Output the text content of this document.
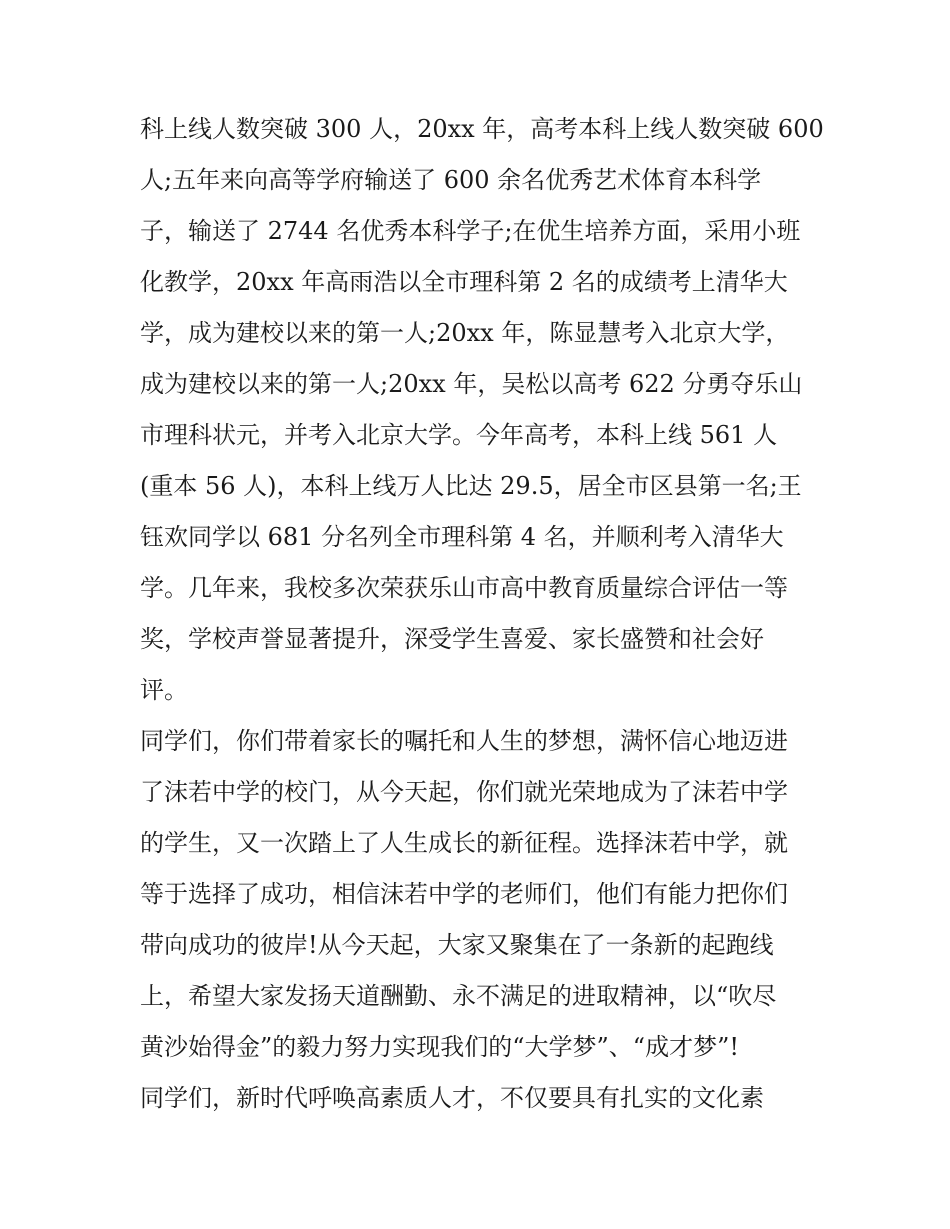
科上线人数突破 300 人，20xx 年，高考本科上线人数突破 600
人;五年来向高等学府输送了 600 余名优秀艺术体育本科学
子，输送了 2744 名优秀本科学子;在优生培养方面，采用小班
化教学，20xx 年高雨浩以全市理科第 2 名的成绩考上清华大
学，成为建校以来的第一人;20xx 年，陈显慧考入北京大学，
成为建校以来的第一人;20xx 年，吴松以高考 622 分勇夺乐山
市理科状元，并考入北京大学。今年高考，本科上线 561 人
(重本 56 人)，本科上线万人比达 29.5，居全市区县第一名;王
钰欢同学以 681 分名列全市理科第 4 名，并顺利考入清华大
学。几年来，我校多次荣获乐山市高中教育质量综合评估一等
奖，学校声誉显著提升，深受学生喜爱、家长盛赞和社会好
评。
同学们，你们带着家长的嘱托和人生的梦想，满怀信心地迈进
了沫若中学的校门，从今天起，你们就光荣地成为了沫若中学
的学生，又一次踏上了人生成长的新征程。选择沫若中学，就
等于选择了成功，相信沫若中学的老师们，他们有能力把你们
带向成功的彼岸!从今天起，大家又聚集在了一条新的起跑线
上，希望大家发扬天道酬勤、永不满足的进取精神，以“吹尽
黄沙始得金”的毅力努力实现我们的“大学梦”、“成才梦”!
同学们，新时代呼唤高素质人才，不仅要具有扎实的文化素
